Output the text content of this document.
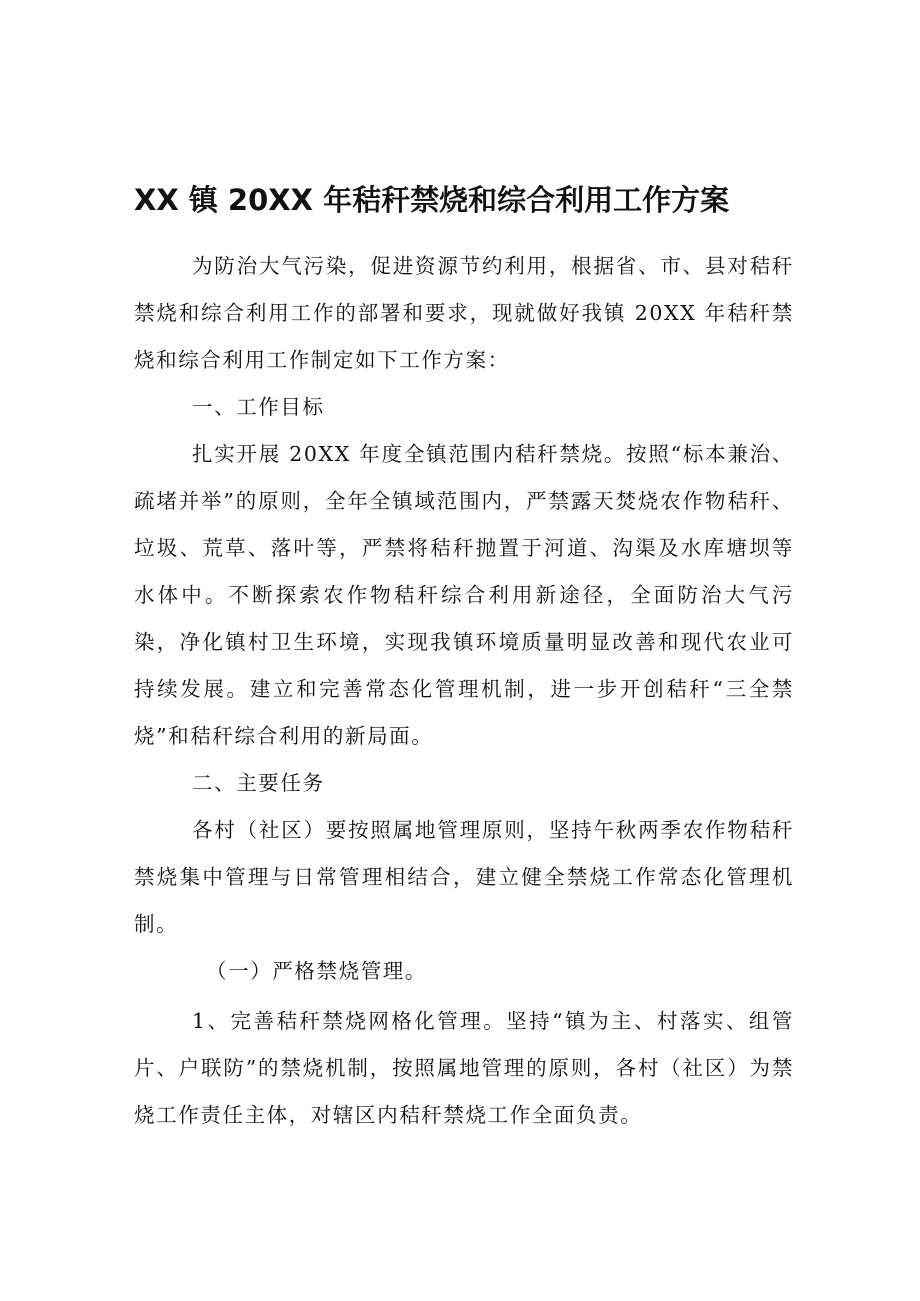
XX 镇 20XX 年秸秆禁烧和综合利用工作方案

为防治大气污染，促进资源节约利用，根据省、市、县对秸秆禁烧和综合利用工作的部署和要求，现就做好我镇 20XX 年秸秆禁烧和综合利用工作制定如下工作方案：

一、工作目标

扎实开展 20XX 年度全镇范围内秸秆禁烧。按照“标本兼治、疏堵并举”的原则，全年全镇域范围内，严禁露天焚烧农作物秸秆、垃圾、荒草、落叶等，严禁将秸秆抛置于河道、沟渠及水库塘坝等水体中。不断探索农作物秸秆综合利用新途径，全面防治大气污染，净化镇村卫生环境，实现我镇环境质量明显改善和现代农业可持续发展。建立和完善常态化管理机制，进一步开创秸秆“三全禁烧”和秸秆综合利用的新局面。

二、主要任务

各村（社区）要按照属地管理原则，坚持午秋两季农作物秸秆禁烧集中管理与日常管理相结合，建立健全禁烧工作常态化管理机制。

（一）严格禁烧管理。

1、完善秸秆禁烧网格化管理。坚持“镇为主、村落实、组管片、户联防”的禁烧机制，按照属地管理的原则，各村（社区）为禁烧工作责任主体，对辖区内秸秆禁烧工作全面负责。
